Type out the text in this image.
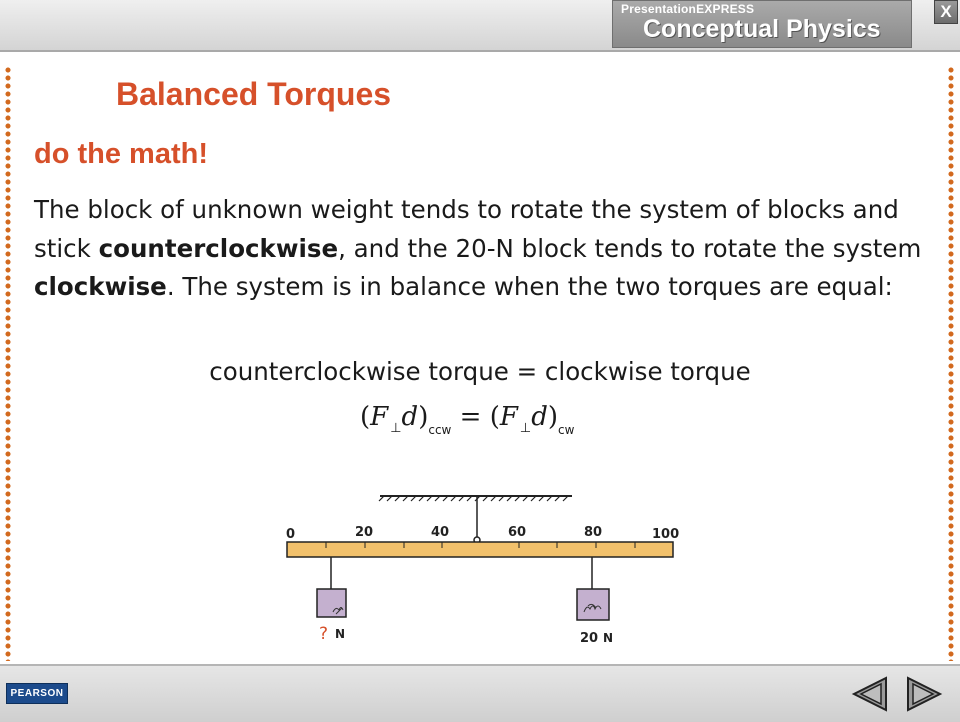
PresentationEXPRESS
Conceptual Physics
X
Balanced Torques
do the math!
The block of unknown weight tends to rotate the system of blocks and stick counterclockwise, and the 20-N block tends to rotate the system clockwise. The system is in balance when the two torques are equal:
counterclockwise torque = clockwise torque
(F $_\perp d)_{ccw} = (F$ $_\perp d)_{cw}$
0	20	40	60	80	100
? N	20 N
PEARSON
